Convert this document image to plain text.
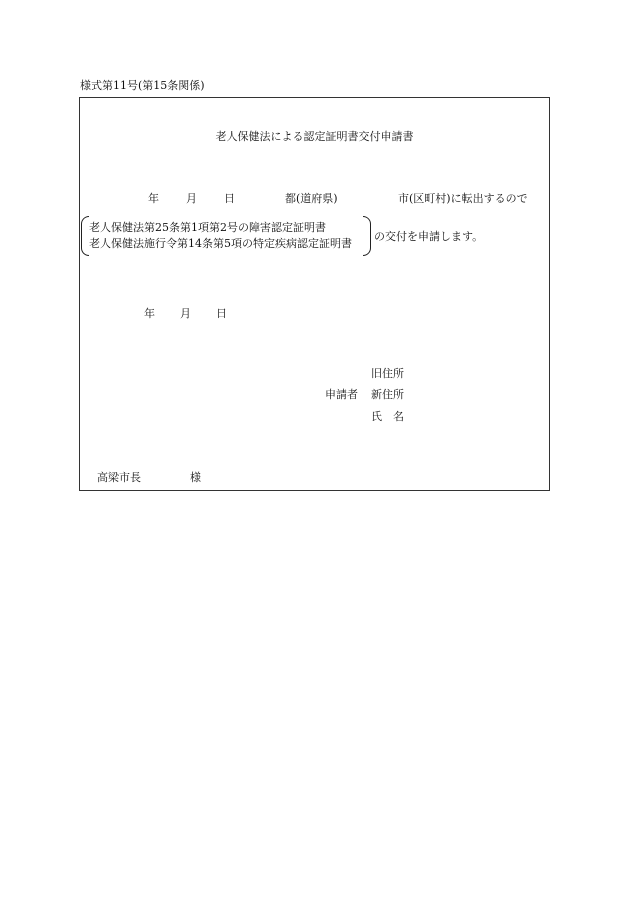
様式第11号(第15条関係)
老人保健法による認定証明書交付申請書
年 月 日	都(道府県)	市(区町村)に転出するので
老人保健法第25条第1項第2号の障害認定証明書
老人保健法施行令第14条第5項の特定疾病認定証明書
の交付を申請します。
年 月 日
旧住所
申請者 新住所
氏　名
高梁市長	様
